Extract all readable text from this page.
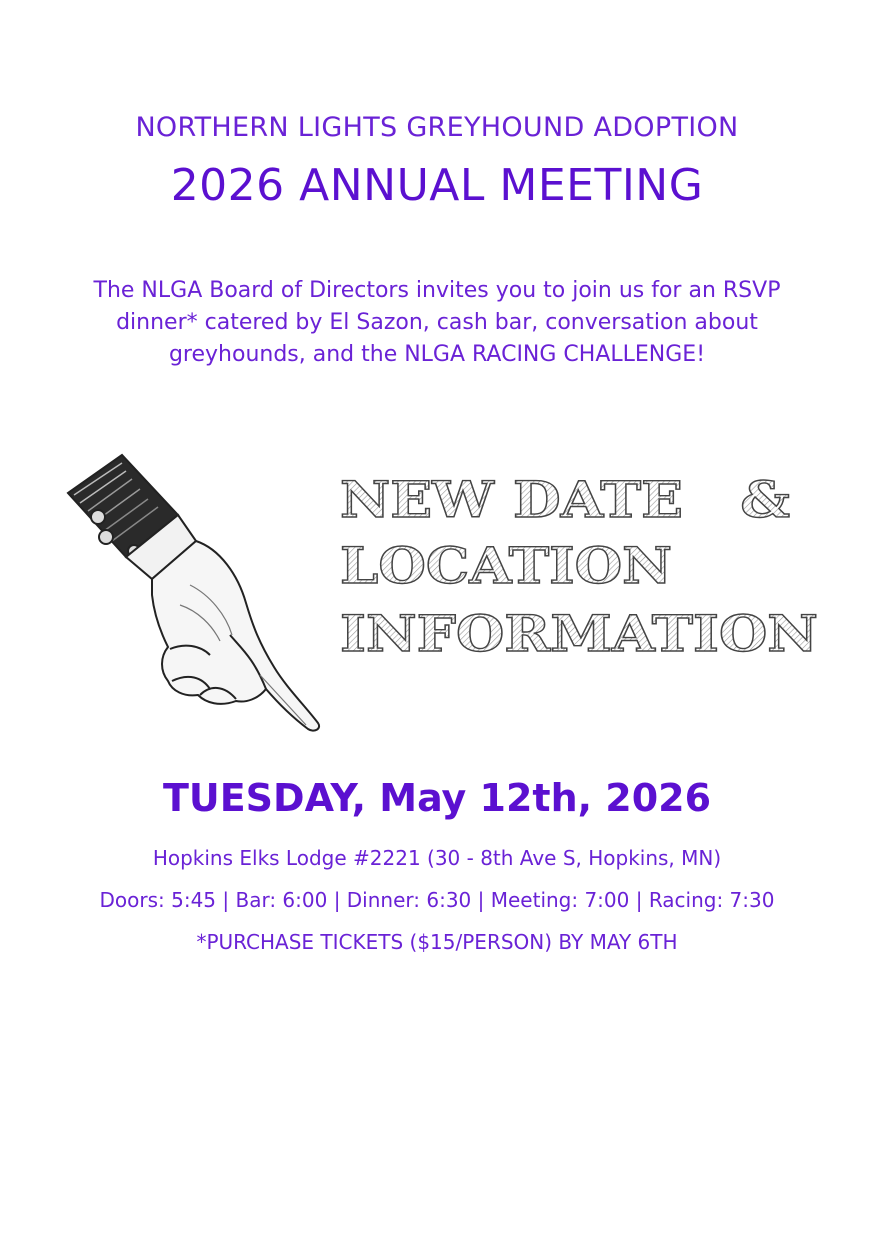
NORTHERN LIGHTS GREYHOUND ADOPTION
2026 ANNUAL MEETING
The NLGA Board of Directors invites you to join us for an RSVP dinner* catered by El Sazon, cash bar, conversation about greyhounds, and the NLGA RACING CHALLENGE!
NEW DATE   &
LOCATION
INFORMATION
TUESDAY, May 12th, 2026
Hopkins Elks Lodge #2221 (30 - 8th Ave S, Hopkins, MN)
Doors: 5:45 | Bar: 6:00 | Dinner: 6:30 | Meeting: 7:00 | Racing: 7:30
*PURCHASE TICKETS ($15/PERSON) BY MAY 6TH
